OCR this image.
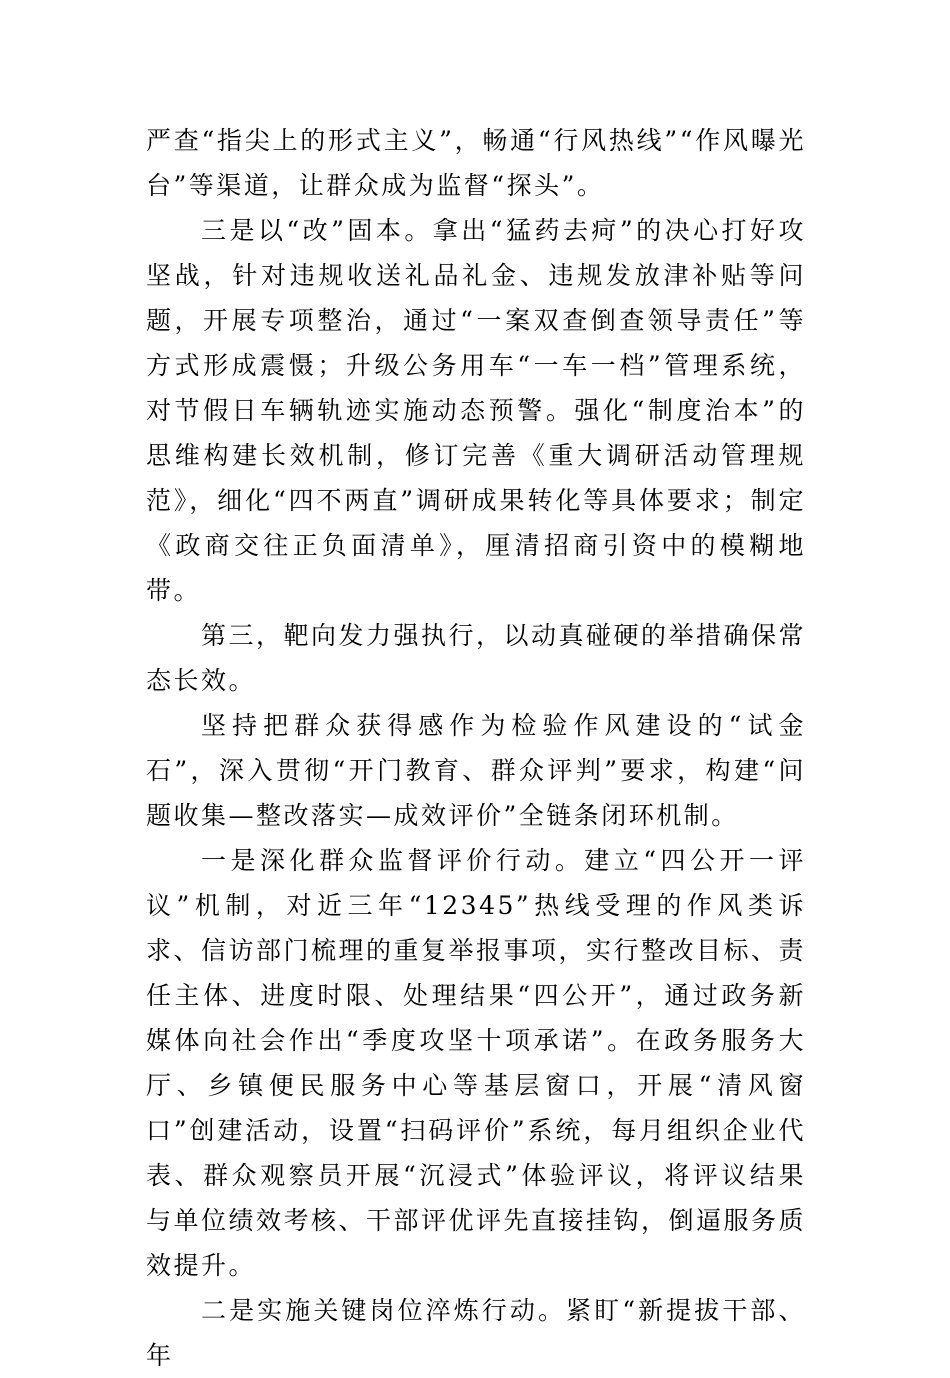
严查“指尖上的形式主义”，畅通“行风热线”“作风曝光台”等渠道，让群众成为监督“探头”。

三是以“改”固本。拿出“猛药去疴”的决心打好攻坚战，针对违规收送礼品礼金、违规发放津补贴等问题，开展专项整治，通过“一案双查倒查领导责任”等方式形成震慑；升级公务用车“一车一档”管理系统，对节假日车辆轨迹实施动态预警。强化“制度治本”的思维构建长效机制，修订完善《重大调研活动管理规范》，细化“四不两直”调研成果转化等具体要求；制定《政商交往正负面清单》，厘清招商引资中的模糊地带。

第三，靶向发力强执行，以动真碰硬的举措确保常态长效。

坚持把群众获得感作为检验作风建设的“试金石”，深入贯彻“开门教育、群众评判”要求，构建“问题收集—整改落实—成效评价”全链条闭环机制。

一是深化群众监督评价行动。建立“四公开一评议”机制，对近三年“12345”热线受理的作风类诉求、信访部门梳理的重复举报事项，实行整改目标、责任主体、进度时限、处理结果“四公开”，通过政务新媒体向社会作出“季度攻坚十项承诺”。在政务服务大厅、乡镇便民服务中心等基层窗口，开展“清风窗口”创建活动，设置“扫码评价”系统，每月组织企业代表、群众观察员开展“沉浸式”体验评议，将评议结果与单位绩效考核、干部评优评先直接挂钩，倒逼服务质效提升。

二是实施关键岗位淬炼行动。紧盯“新提拔干部、年
